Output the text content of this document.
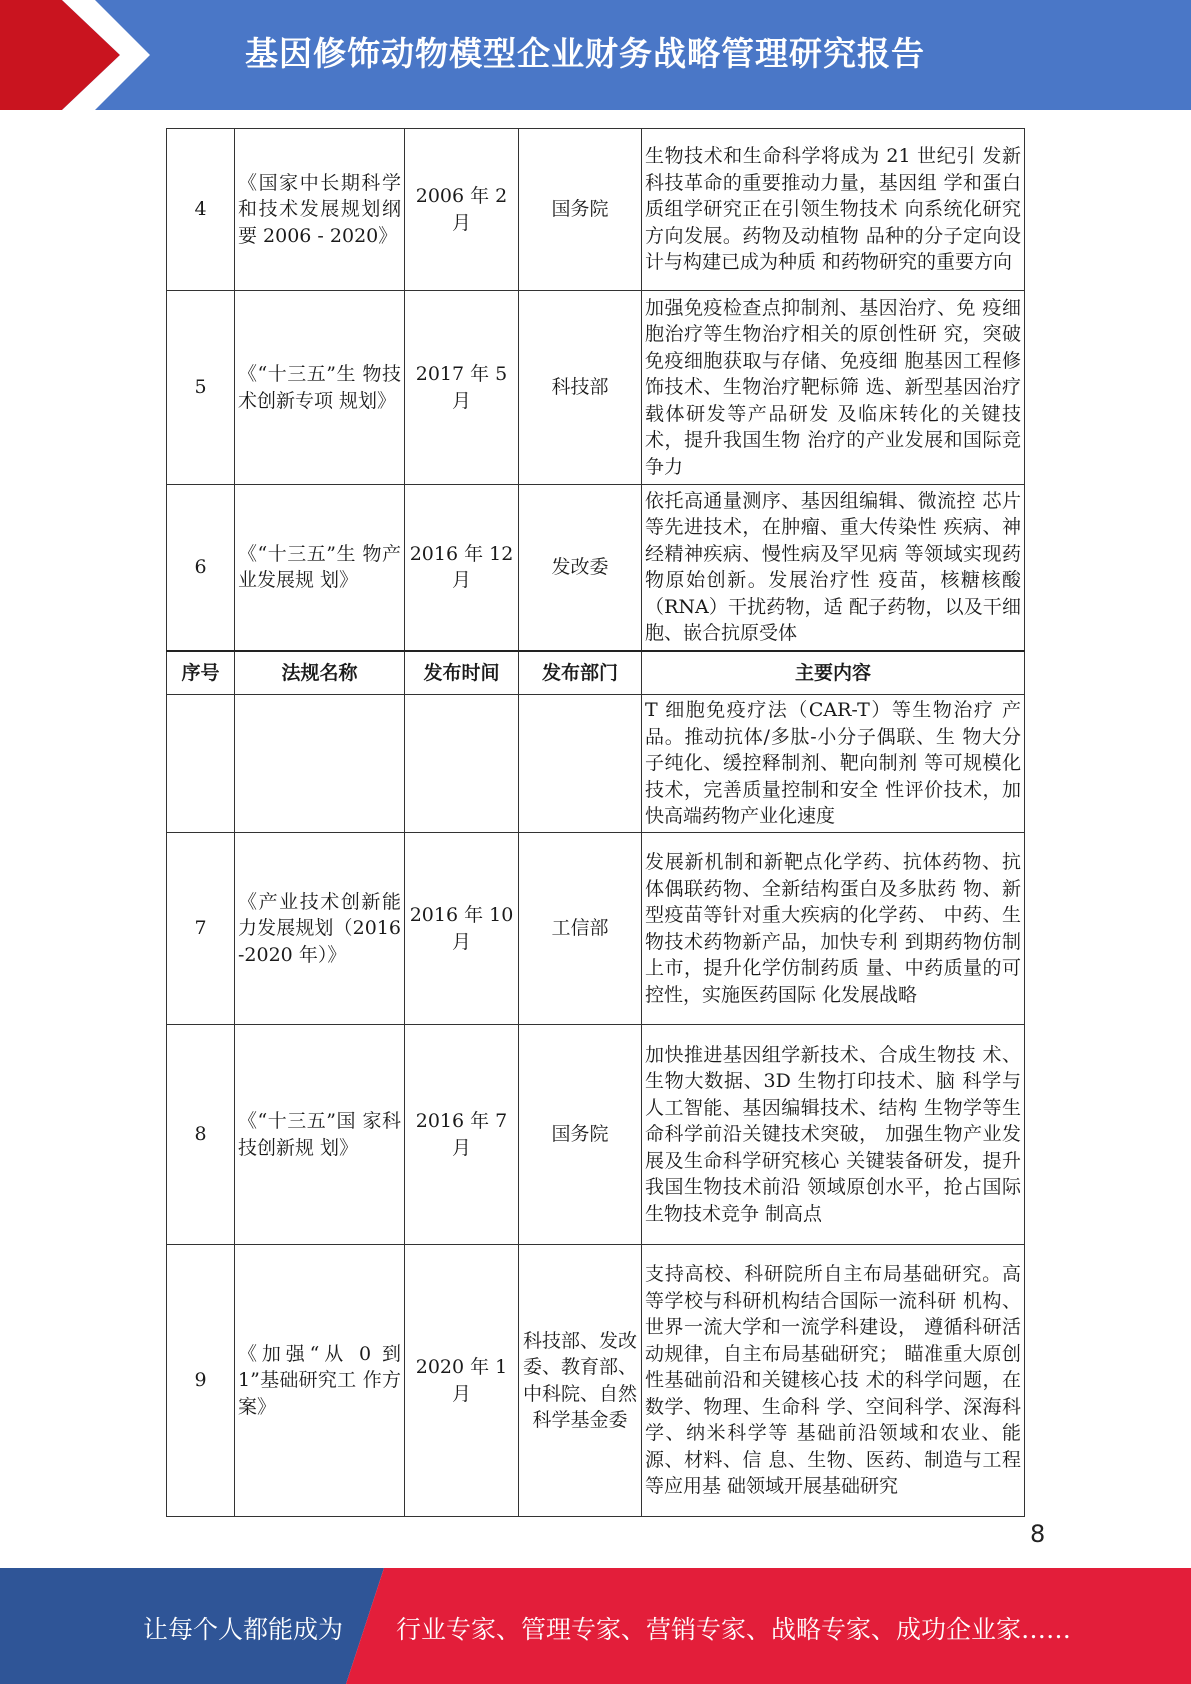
基因修饰动物模型企业财务战略管理研究报告
4	《国家中长期科学和技术发展规划纲要 2006 - 2020》	2006 年 2 月	国务院	生物技术和生命科学将成为 21 世纪引 发新科技革命的重要推动力量，基因组 学和蛋白质组学研究正在引领生物技术 向系统化研究方向发展。药物及动植物 品种的分子定向设计与构建已成为种质 和药物研究的重要方向
5	《“十三五”生 物技术创新专项 规划》	2017 年 5 月	科技部	加强免疫检查点抑制剂、基因治疗、免 疫细胞治疗等生物治疗相关的原创性研 究，突破免疫细胞获取与存储、免疫细 胞基因工程修饰技术、生物治疗靶标筛 选、新型基因治疗载体研发等产品研发 及临床转化的关键技术，提升我国生物 治疗的产业发展和国际竞争力
6	《“十三五”生 物产业发展规 划》	2016 年 12 月	发改委	依托高通量测序、基因组编辑、微流控 芯片等先进技术，在肿瘤、重大传染性 疾病、神经精神疾病、慢性病及罕见病 等领域实现药物原始创新。发展治疗性 疫苗，核糖核酸（RNA）干扰药物，适 配子药物，以及干细胞、嵌合抗原受体
序号	法规名称	发布时间	发布部门	主要内容
				T 细胞免疫疗法（CAR-T）等生物治疗 产品。推动抗体/多肽-小分子偶联、生 物大分子纯化、缓控释制剂、靶向制剂 等可规模化技术，完善质量控制和安全 性评价技术，加快高端药物产业化速度
7	《产业技术创新能力发展规划（2016-2020 年）》	2016 年 10 月	工信部	发展新机制和新靶点化学药、抗体药物、抗体偶联药物、全新结构蛋白及多肽药 物、新型疫苗等针对重大疾病的化学药、 中药、生物技术药物新产品，加快专利 到期药物仿制上市，提升化学仿制药质 量、中药质量的可控性，实施医药国际 化发展战略
8	《“十三五”国 家科技创新规 划》	2016 年 7 月	国务院	加快推进基因组学新技术、合成生物技 术、生物大数据、3D 生物打印技术、脑 科学与人工智能、基因编辑技术、结构 生物学等生命科学前沿关键技术突破， 加强生物产业发展及生命科学研究核心 关键装备研发，提升我国生物技术前沿 领域原创水平，抢占国际生物技术竞争 制高点
9	《加强“从 0 到 1”基础研究工 作方案》	2020 年 1 月	科技部、发改委、教育部、中科院、自然科学基金委	支持高校、科研院所自主布局基础研究。高等学校与科研机构结合国际一流科研 机构、世界一流大学和一流学科建设， 遵循科研活动规律，自主布局基础研究； 瞄准重大原创性基础前沿和关键核心技 术的科学问题，在数学、物理、生命科 学、空间科学、深海科学、纳米科学等 基础前沿领域和农业、能源、材料、信 息、生物、医药、制造与工程等应用基 础领域开展基础研究
8
让每个人都能成为 行业专家、管理专家、营销专家、战略专家、成功企业家……
